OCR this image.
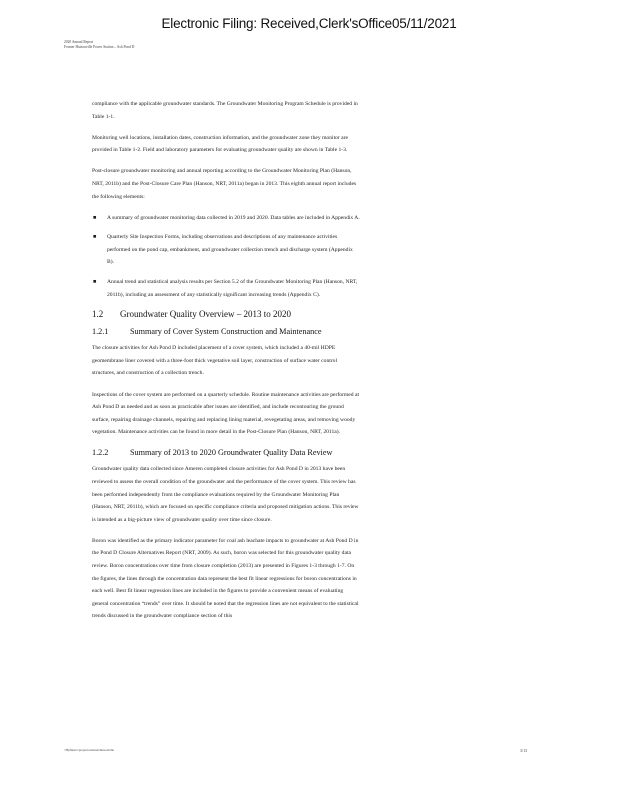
Electronic Filing: Received,Clerk'sOffice05/11/2021
2020 Annual Report
Former Hutsonville Power Station – Ash Pond D

compliance with the applicable groundwater standards. The Groundwater Monitoring Program Schedule is provided in Table 1-1.

Monitoring well locations, installation dates, construction information, and the groundwater zone they monitor are provided in Table 1-2. Field and laboratory parameters for evaluating groundwater quality are shown in Table 1-3.

Post-closure groundwater monitoring and annual reporting according to the Groundwater Monitoring Plan (Hanson, NRT, 2011b) and the Post-Closure Care Plan (Hanson, NRT, 2011a) began in 2013. This eighth annual report includes the following elements:

■ A summary of groundwater monitoring data collected in 2019 and 2020. Data tables are included in Appendix A.
■ Quarterly Site Inspection Forms, including observations and descriptions of any maintenance activities performed on the pond cap, embankment, and groundwater collection trench and discharge system (Appendix B).
■ Annual trend and statistical analysis results per Section 5.2 of the Groundwater Monitoring Plan (Hanson, NRT, 2011b), including an assessment of any statistically significant increasing trends (Appendix C).
1.2	Groundwater Quality Overview – 2013 to 2020
1.2.1	Summary of Cover System Construction and Maintenance

The closure activities for Ash Pond D included placement of a cover system, which included a 40-mil HDPE geomembrane liner covered with a three-foot thick vegetative soil layer, construction of surface water control structures, and construction of a collection trench.

Inspections of the cover system are performed on a quarterly schedule. Routine maintenance activities are performed at Ash Pond D as needed and as soon as practicable after issues are identified, and include recontouring the ground surface, repairing drainage channels, repairing and replacing lining material, revegetating areas, and removing woody vegetation. Maintenance activities can be found in more detail in the Post-Closure Plan (Hanson, NRT, 2011a).

1.2.2	Summary of 2013 to 2020 Groundwater Quality Data Review

Groundwater quality data collected since Ameren completed closure activities for Ash Pond D in 2013 have been reviewed to assess the overall condition of the groundwater and the performance of the cover system. This review has been performed independently from the compliance evaluations required by the Groundwater Monitoring Plan (Hanson, NRT, 2011b), which are focused on specific compliance criteria and proposed mitigation actions. This review is intended as a big-picture view of groundwater quality over time since closure.

Boron was identified as the primary indicator parameter for coal ash leachate impacts to groundwater at Ash Pond D in the Pond D Closure Alternatives Report (NRT, 2009). As such, boron was selected for this groundwater quality data review. Boron concentrations over time from closure completion (2013) are presented in Figures 1-3 through 1-7. On the figures, the lines through the concentration data represent the best fit linear regressions for boron concentrations in each well. Best fit linear regression lines are included in the figures to provide a convenient means of evaluating general concentration “trends” over time. It should be noted that the regression lines are not equivalent to the statistical trends discussed in the groundwater compliance section of this

\\Hpfilesrv\projects\ameren\hutsonville	3/13
